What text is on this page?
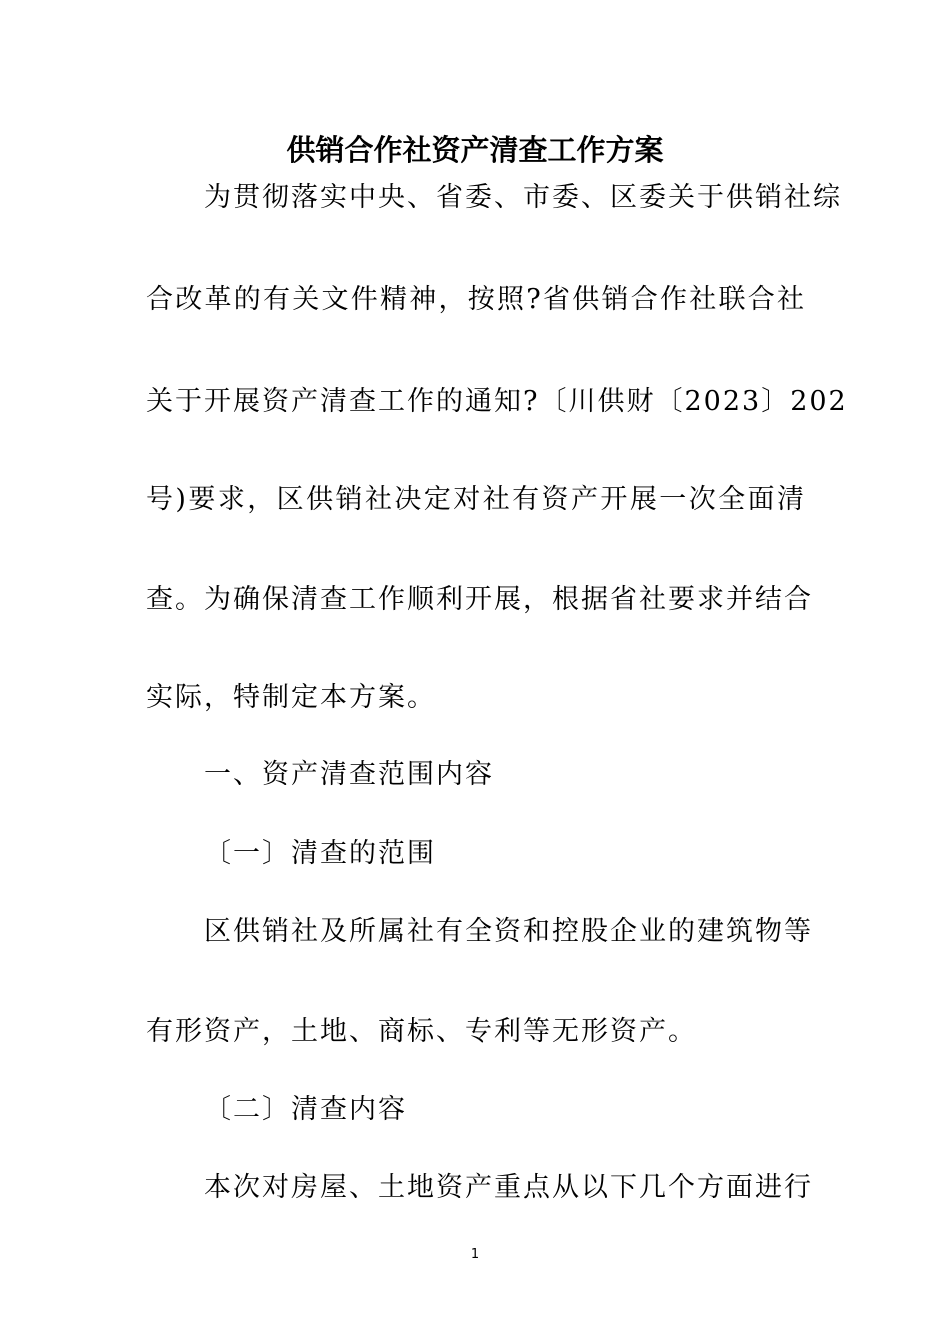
供销合作社资产清查工作方案

为贯彻落实中央、省委、市委、区委关于供销社综

合改革的有关文件精神，按照?省供销合作社联合社

关于开展资产清查工作的通知?〔川供财〔2023〕202

号)要求，区供销社决定对社有资产开展一次全面清

查。为确保清查工作顺利开展，根据省社要求并结合

实际，特制定本方案。

一、资产清查范围内容

〔一〕清查的范围

区供销社及所属社有全资和控股企业的建筑物等

有形资产，土地、商标、专利等无形资产。

〔二〕清查内容

本次对房屋、土地资产重点从以下几个方面进行

1
